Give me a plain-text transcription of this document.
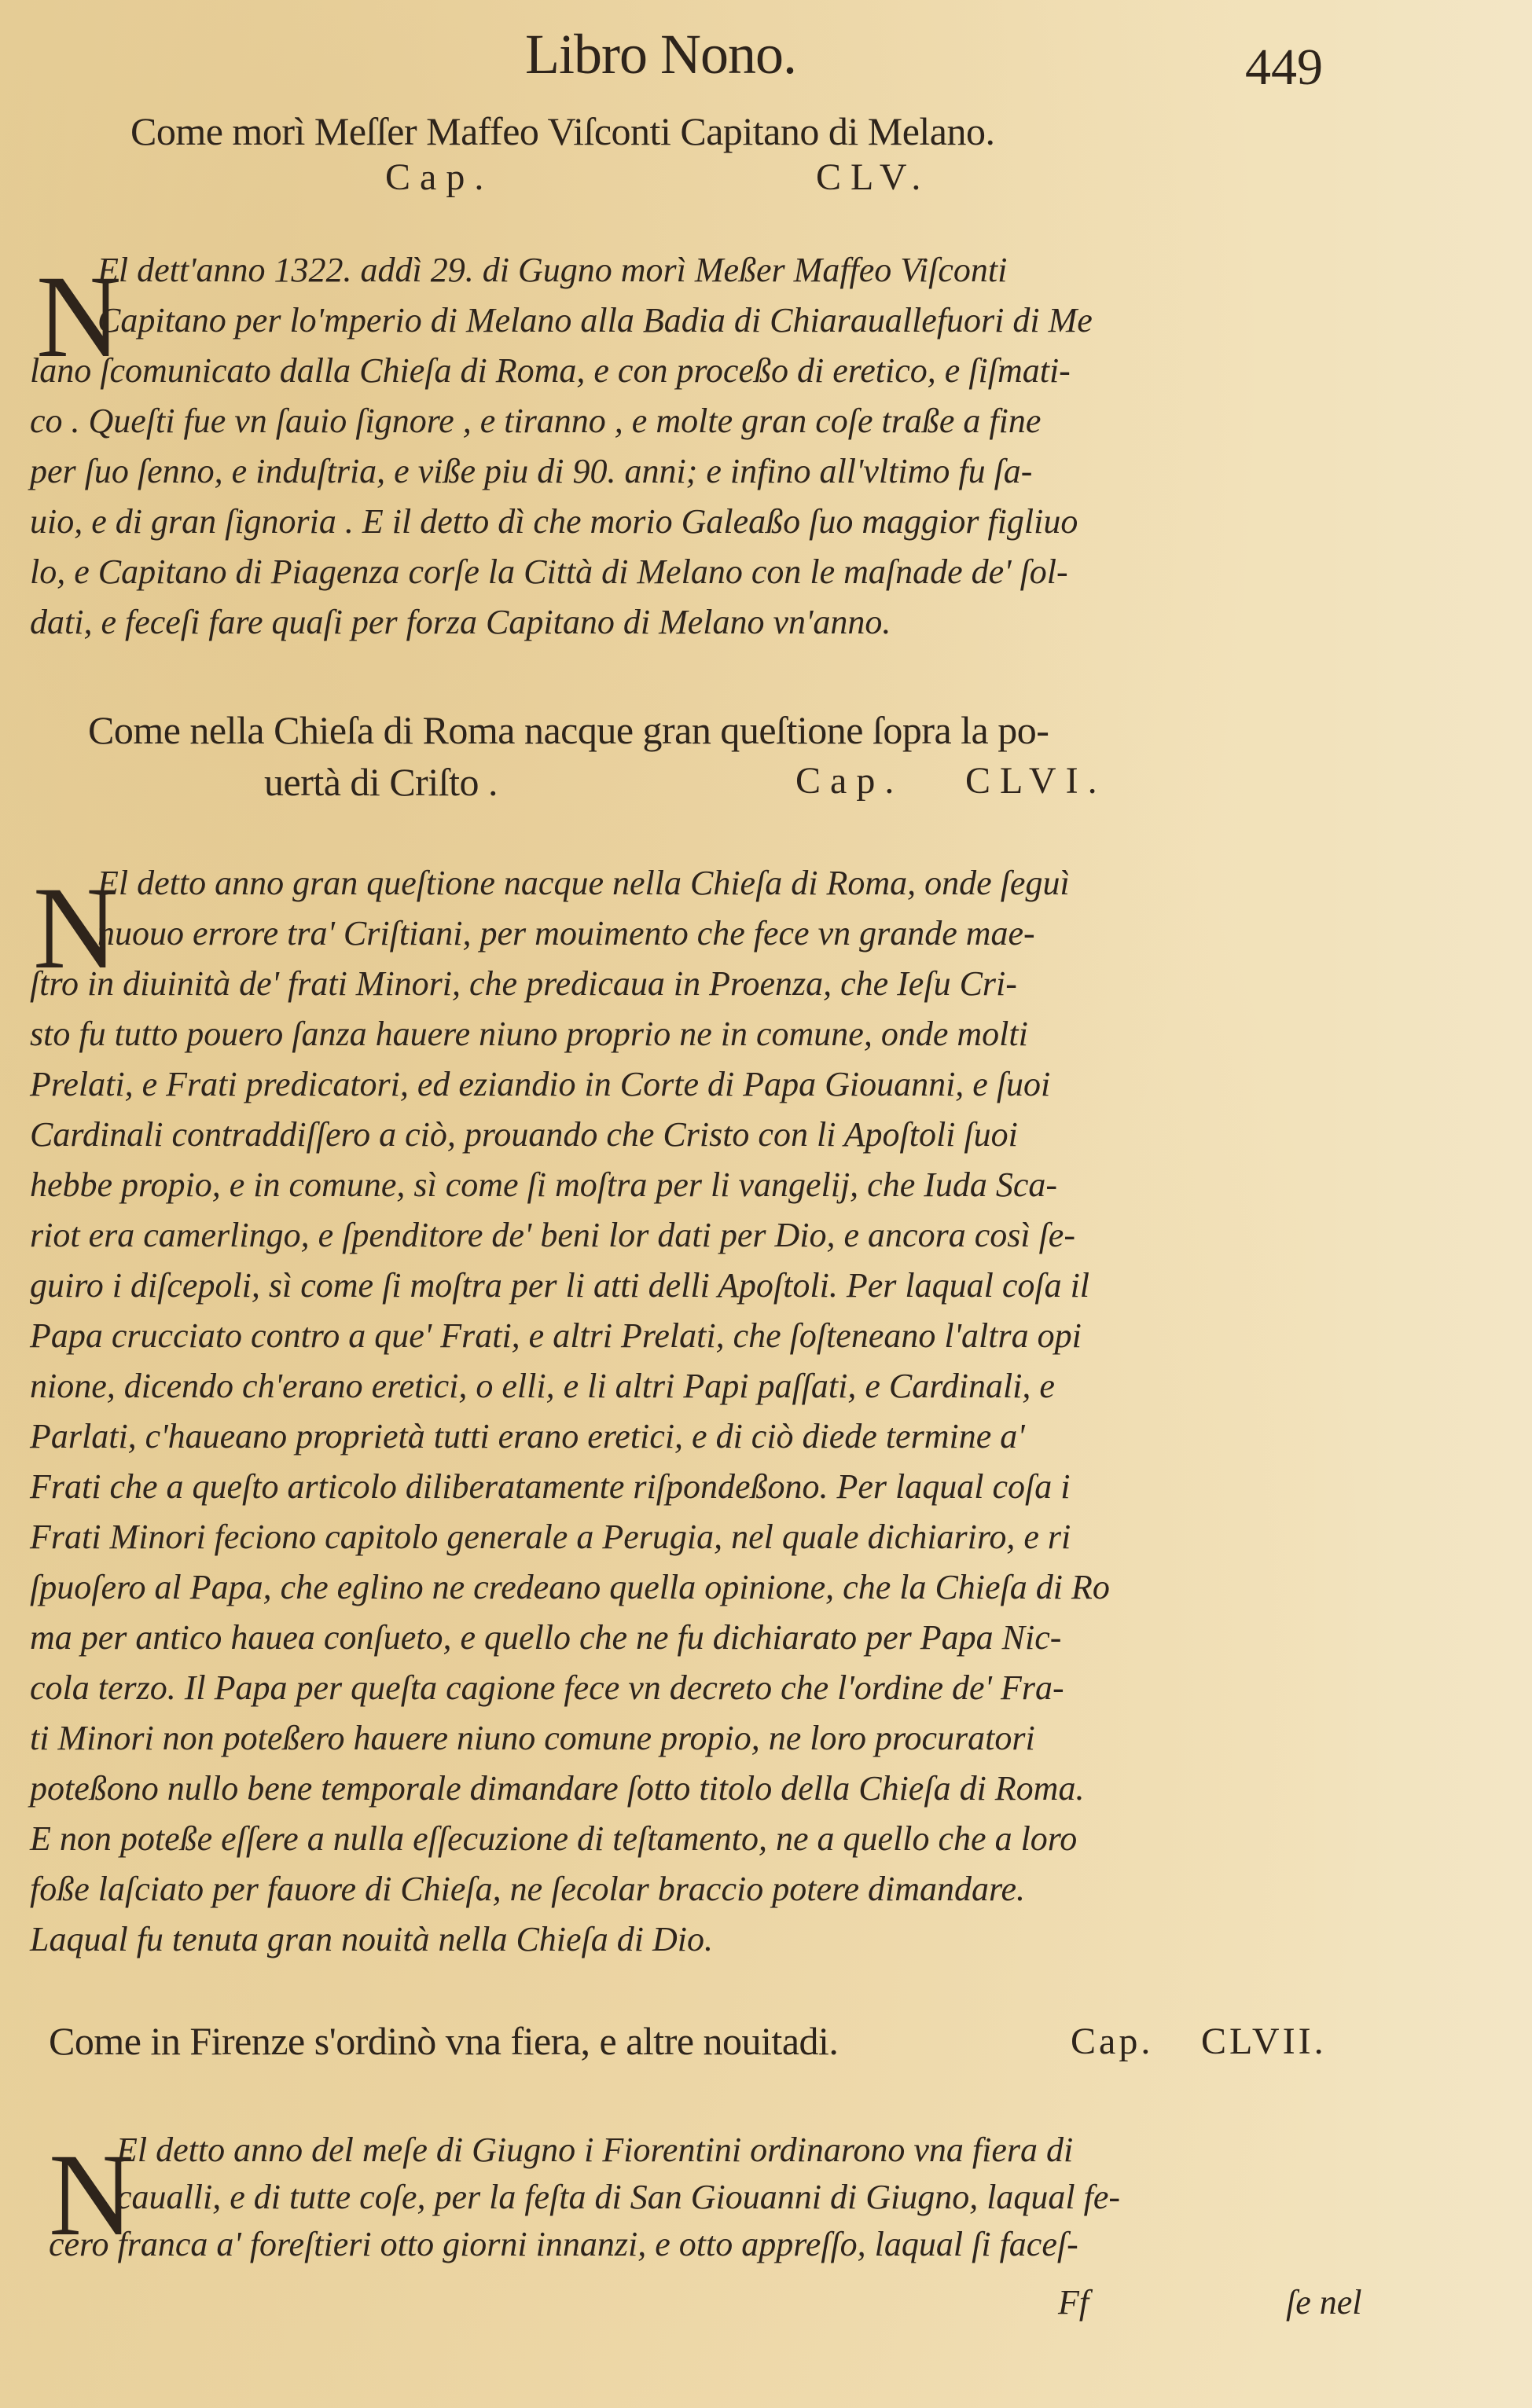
Libro Nono.	449
Come morì Meſſer Maffeo Viſconti Capitano di Melano.
Cap.	CLV.
N
El dett'anno 1322. addì 29. di Gugno morì Meßer Maffeo Viſconti
Capitano per lo'mperio di Melano alla Badia di Chiarauallefuori di Me
lano ſcomunicato dalla Chieſa di Roma, e con proceßo di eretico, e ſiſmati-
co . Queſti fue vn ſauio ſignore , e tiranno , e molte gran coſe traße a fine
per ſuo ſenno, e induſtria, e viße piu di 90. anni; e infino all'vltimo fu ſa-
uio, e di gran ſignoria . E il detto dì che morio Galeaßo ſuo maggior figliuo
lo, e Capitano di Piagenza corſe la Città di Melano con le maſnade de' ſol-
dati, e feceſi fare quaſi per forza Capitano di Melano vn'anno.
Come nella Chieſa di Roma nacque gran queſtione ſopra la po-
uertà di Criſto .	Cap. CLVI.
N
El detto anno gran queſtione nacque nella Chieſa di Roma, onde ſeguì
nuouo errore tra' Criſtiani, per mouimento che fece vn grande mae-
ſtro in diuinità de' frati Minori, che predicaua in Proenza, che Ieſu Cri-
sto fu tutto pouero ſanza hauere niuno proprio ne in comune, onde molti
Prelati, e Frati predicatori, ed eziandio in Corte di Papa Giouanni, e ſuoi
Cardinali contraddiſſero a ciò, prouando che Cristo con li Apoſtoli ſuoi
hebbe propio, e in comune, sì come ſi moſtra per li vangelij, che Iuda Sca-
riot era camerlingo, e ſpenditore de' beni lor dati per Dio, e ancora così ſe-
guiro i diſcepoli, sì come ſi moſtra per li atti delli Apoſtoli. Per laqual coſa il
Papa crucciato contro a que' Frati, e altri Prelati, che ſoſteneano l'altra opi
nione, dicendo ch'erano eretici, o elli, e li altri Papi paſſati, e Cardinali, e
Parlati, c'haueano proprietà tutti erano eretici, e di ciò diede termine a'
Frati che a queſto articolo diliberatamente riſpondeßono. Per laqual coſa i
Frati Minori feciono capitolo generale a Perugia, nel quale dichiariro, e ri
ſpuoſero al Papa, che eglino ne credeano quella opinione, che la Chieſa di Ro
ma per antico hauea conſueto, e quello che ne fu dichiarato per Papa Nic-
cola terzo. Il Papa per queſta cagione fece vn decreto che l'ordine de' Fra-
ti Minori non poteßero hauere niuno comune propio, ne loro procuratori
poteßono nullo bene temporale dimandare ſotto titolo della Chieſa di Roma.
E non poteße eſſere a nulla eſſecuzione di teſtamento, ne a quello che a loro
foße laſciato per fauore di Chieſa, ne ſecolar braccio potere dimandare.
Laqual fu tenuta gran nouità nella Chieſa di Dio.
Come in Firenze s'ordinò vna fiera, e altre nouitadi.	Cap. CLVII.
N
El detto anno del meſe di Giugno i Fiorentini ordinarono vna fiera di
caualli, e di tutte coſe, per la feſta di San Giouanni di Giugno, laqual fe-
cero franca a' foreſtieri otto giorni innanzi, e otto appreſſo, laqual ſi faceſ-
Ff	ſe nel
